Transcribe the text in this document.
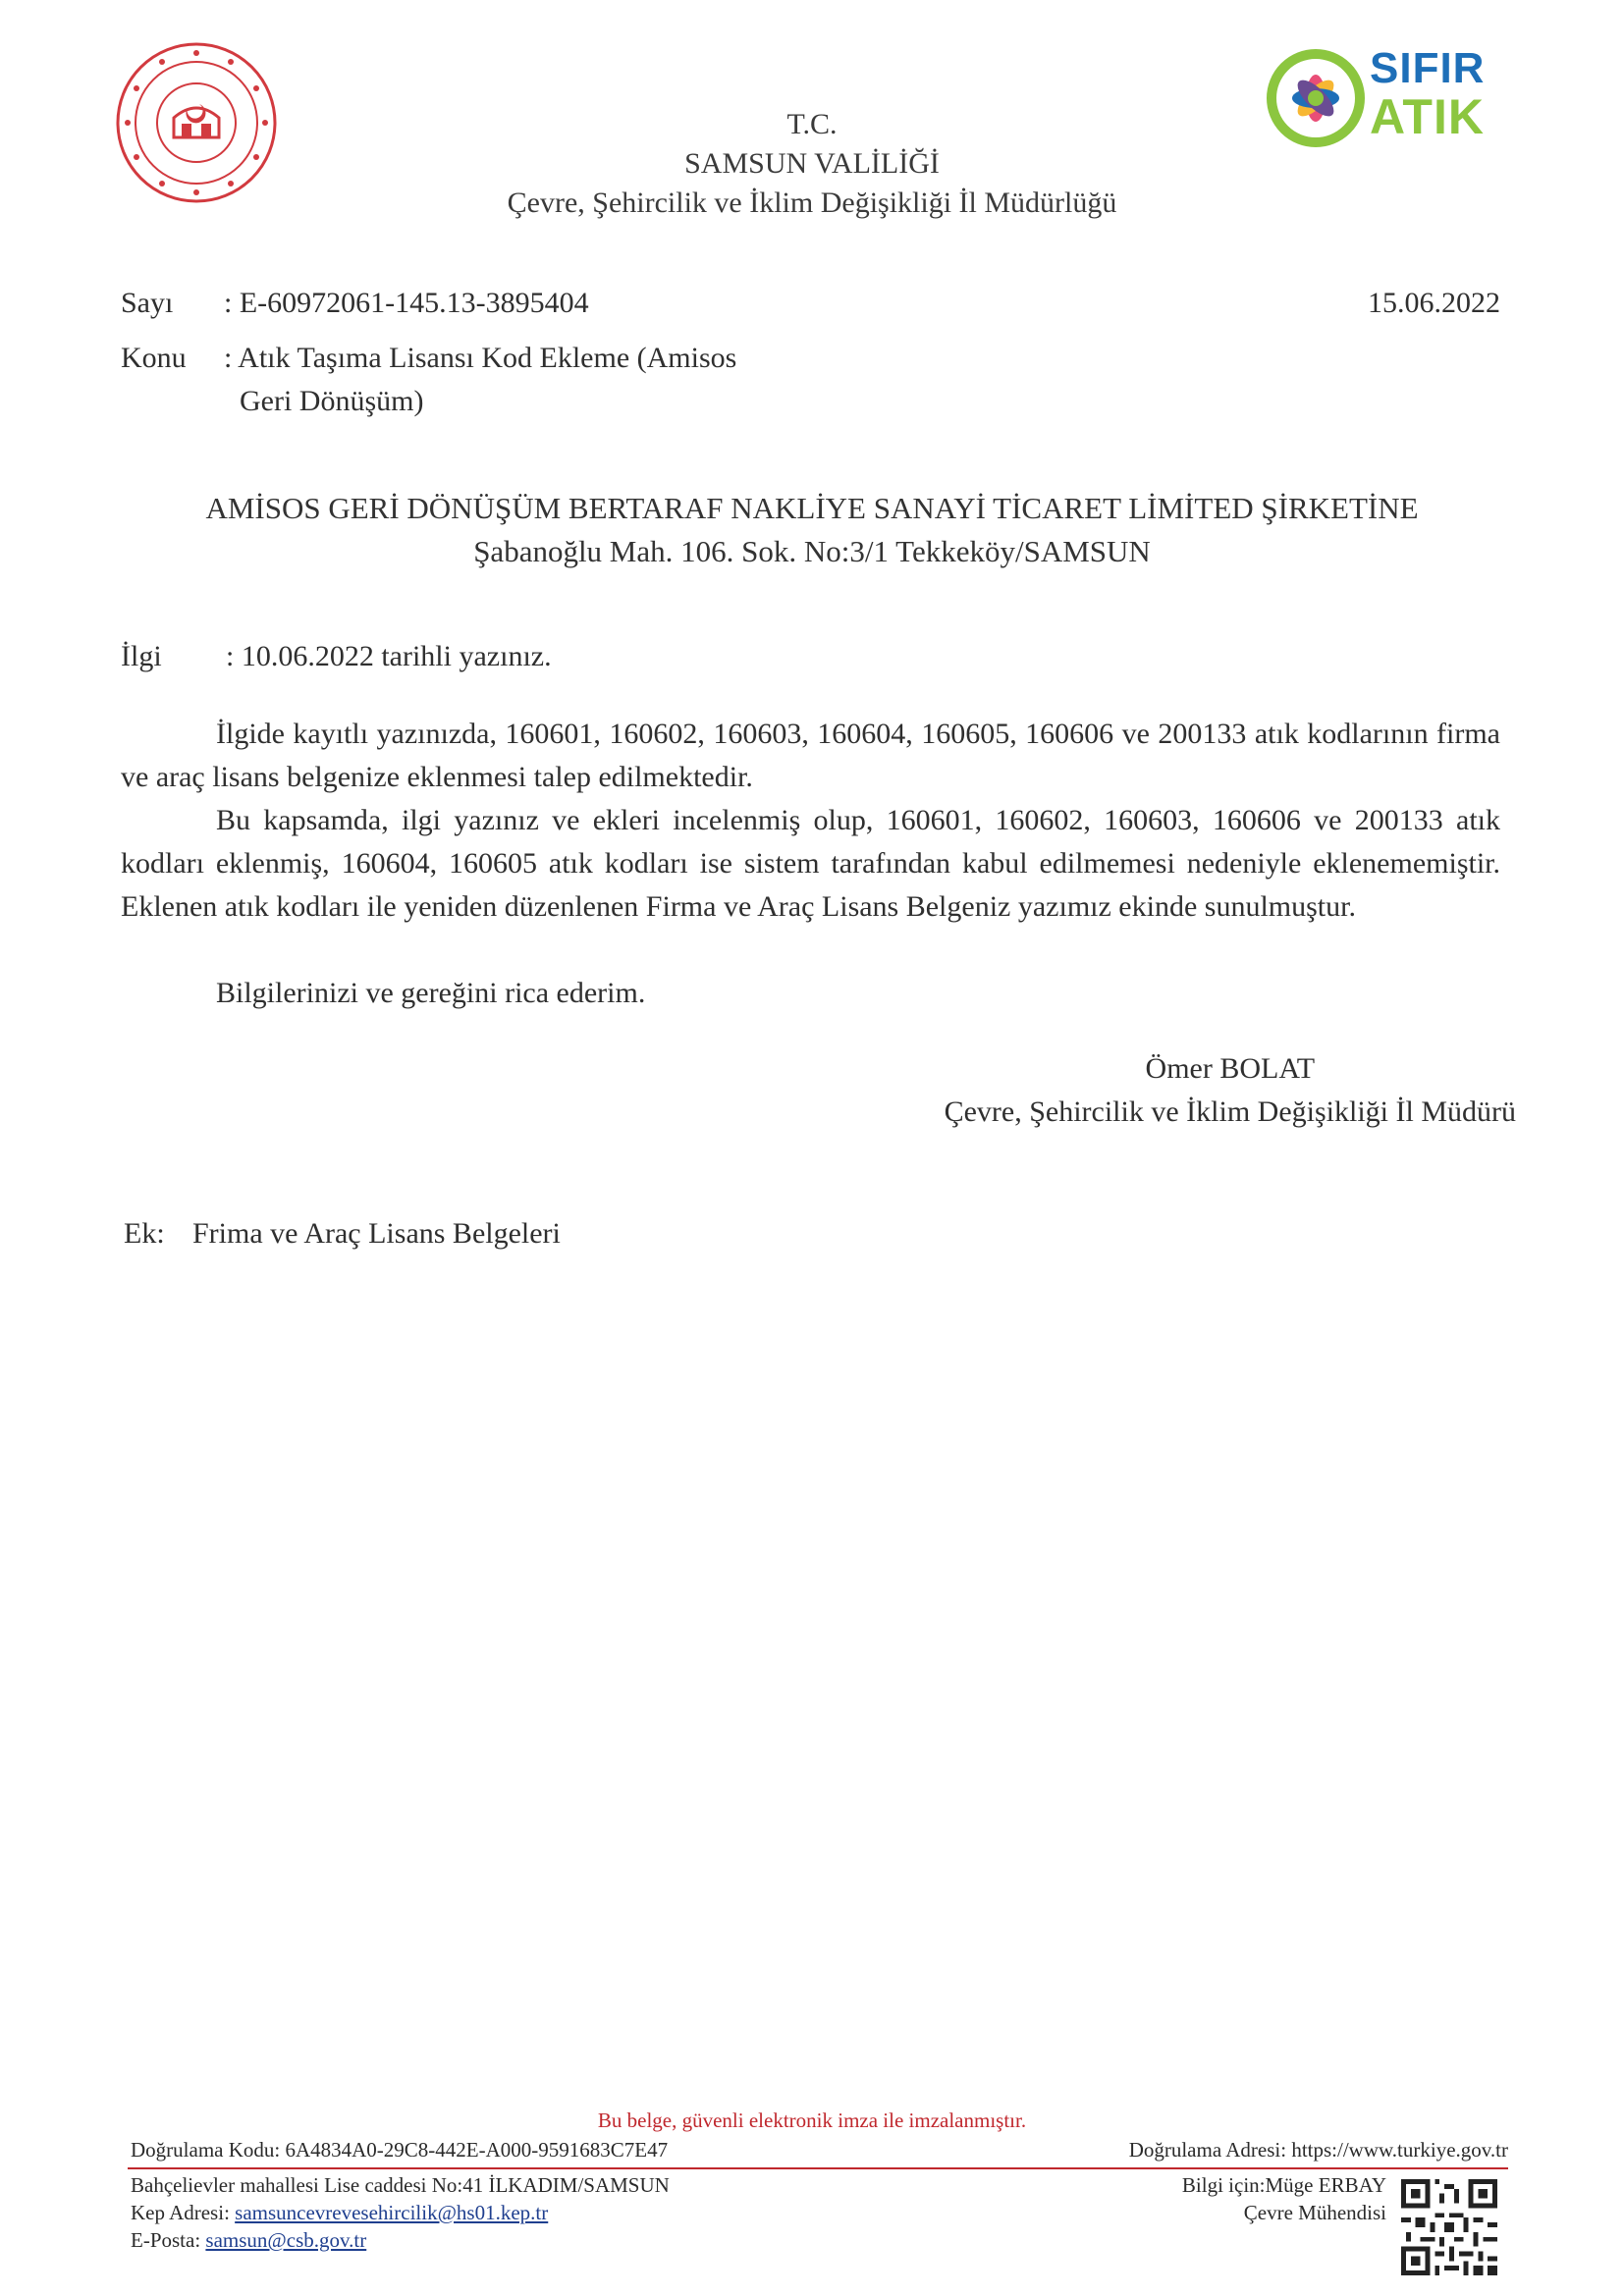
SIFIR
ATIK
T.C.
SAMSUN VALİLİĞİ
Çevre, Şehircilik ve İklim Değişikliği İl Müdürlüğü
Sayı : E-60972061-145.13-3895404	15.06.2022
Konu : Atık Taşıma Lisansı Kod Ekleme (Amisos
Geri Dönüşüm)
AMİSOS GERİ DÖNÜŞÜM BERTARAF NAKLİYE SANAYİ TİCARET LİMİTED ŞİRKETİNE
Şabanoğlu Mah. 106. Sok. No:3/1 Tekkeköy/SAMSUN
İlgi : 10.06.2022 tarihli yazınız.
İlgide kayıtlı yazınızda, 160601, 160602, 160603, 160604, 160605, 160606 ve 200133 atık kodlarının firma ve araç lisans belgenize eklenmesi talep edilmektedir.
Bu kapsamda, ilgi yazınız ve ekleri incelenmiş olup, 160601, 160602, 160603, 160606 ve 200133 atık kodları eklenmiş, 160604, 160605 atık kodları ise sistem tarafından kabul edilmemesi nedeniyle eklenememiştir. Eklenen atık kodları ile yeniden düzenlenen Firma ve Araç Lisans Belgeniz yazımız ekinde sunulmuştur.
Bilgilerinizi ve gereğini rica ederim.
Ömer BOLAT
Çevre, Şehircilik ve İklim Değişikliği İl Müdürü
Ek: Frima ve Araç Lisans Belgeleri
Bu belge, güvenli elektronik imza ile imzalanmıştır.
Doğrulama Kodu: 6A4834A0-29C8-442E-A000-9591683C7E47	Doğrulama Adresi: https://www.turkiye.gov.tr
Bahçelievler mahallesi Lise caddesi No:41 İLKADIM/SAMSUN
Kep Adresi: samsuncevrevesehircilik@hs01.kep.tr
E-Posta: samsun@csb.gov.tr
Bilgi için:Müge ERBAY
Çevre Mühendisi
